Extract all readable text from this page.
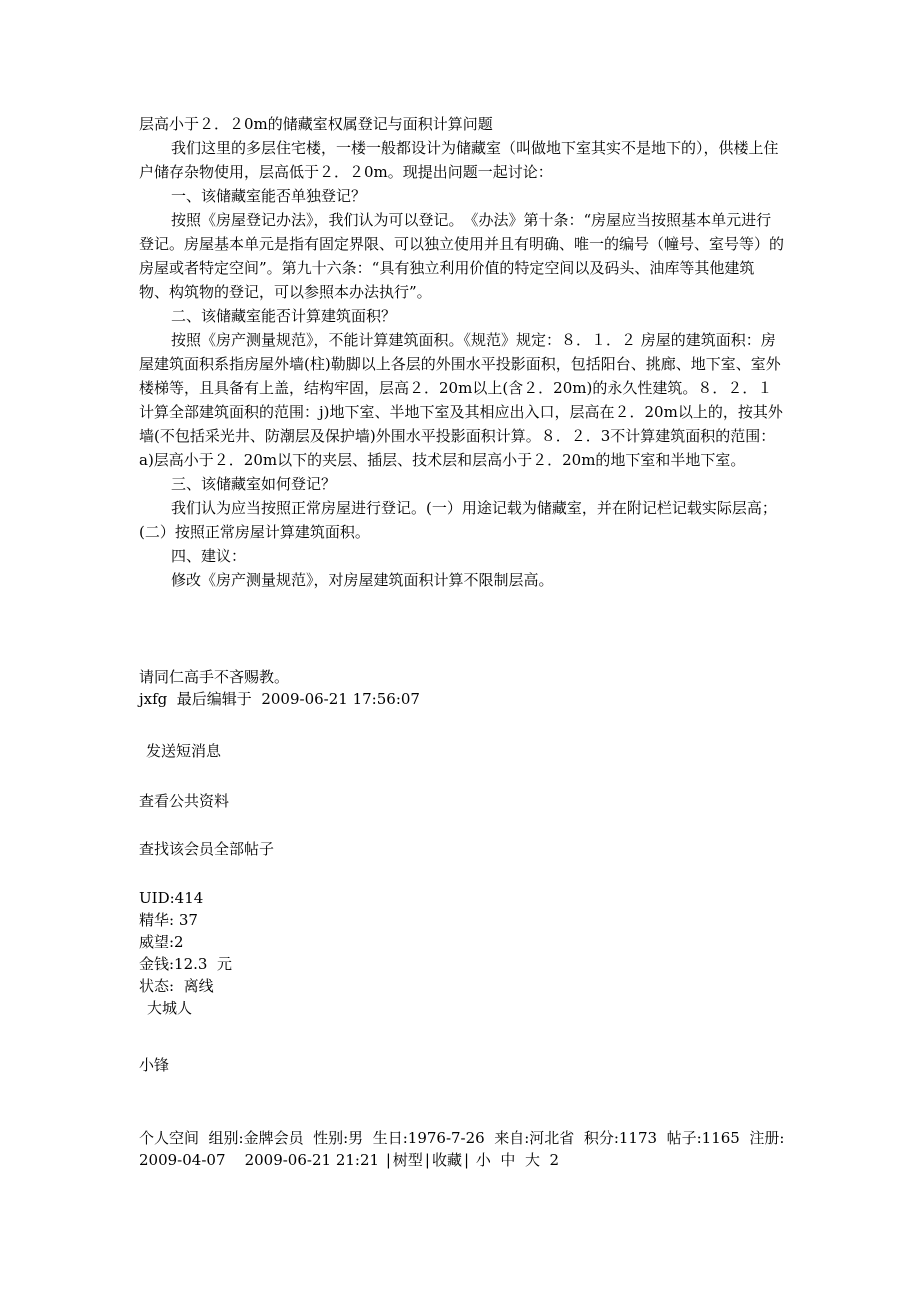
层高小于２．２0m的储藏室权属登记与面积计算问题

我们这里的多层住宅楼，一楼一般都设计为储藏室（叫做地下室其实不是地下的），供楼上住户储存杂物使用，层高低于２．２0m。现提出问题一起讨论：

一、该储藏室能否单独登记？

按照《房屋登记办法》，我们认为可以登记。　《办法》第十条：“房屋应当按照基本单元进行登记。房屋基本单元是指有固定界限、可以独立使用并且有明确、唯一的编号（幢号、室号等）的房屋或者特定空间”。第九十六条：“具有独立利用价值的特定空间以及码头、油库等其他建筑物、构筑物的登记，可以参照本办法执行”。

二、该储藏室能否计算建筑面积？

按照《房产测量规范》，不能计算建筑面积。《规范》规定：８．１．２ 房屋的建筑面积：房屋建筑面积系指房屋外墙(柱)勒脚以上各层的外围水平投影面积，包括阳台、挑廊、地下室、室外楼梯等，且具备有上盖，结构牢固，层高２．20m以上(含２．20m)的永久性建筑。８．２．１ 计算全部建筑面积的范围：j)地下室、半地下室及其相应出入口，层高在２．20m以上的，按其外墙(不包括采光井、防潮层及保护墙)外围水平投影面积计算。８．２．3不计算建筑面积的范围：a)层高小于２．20m以下的夹层、插层、技术层和层高小于２．20m的地下室和半地下室。

三、该储藏室如何登记？

我们认为应当按照正常房屋进行登记。(一）用途记载为储藏室，并在附记栏记载实际层高；(二）按照正常房屋计算建筑面积。

四、建议：

修改《房产测量规范》，对房屋建筑面积计算不限制层高。

请同仁高手不吝赐教。

jxfg  最后编辑于  2009-06-21 17:56:07

发送短消息
查看公共资料
查找该会员全部帖子

UID:414

精华: 37

威望:2

金钱:12.3  元

状态:  离线

大城人

小锋

个人空间  组别:金牌会员  性别:男  生日:1976-7-26  来自:河北省  积分:1173  帖子:1165  注册:

2009-04-07 2009-06-21 21:21 | 树型 | 收藏 | 小 中 大 2
